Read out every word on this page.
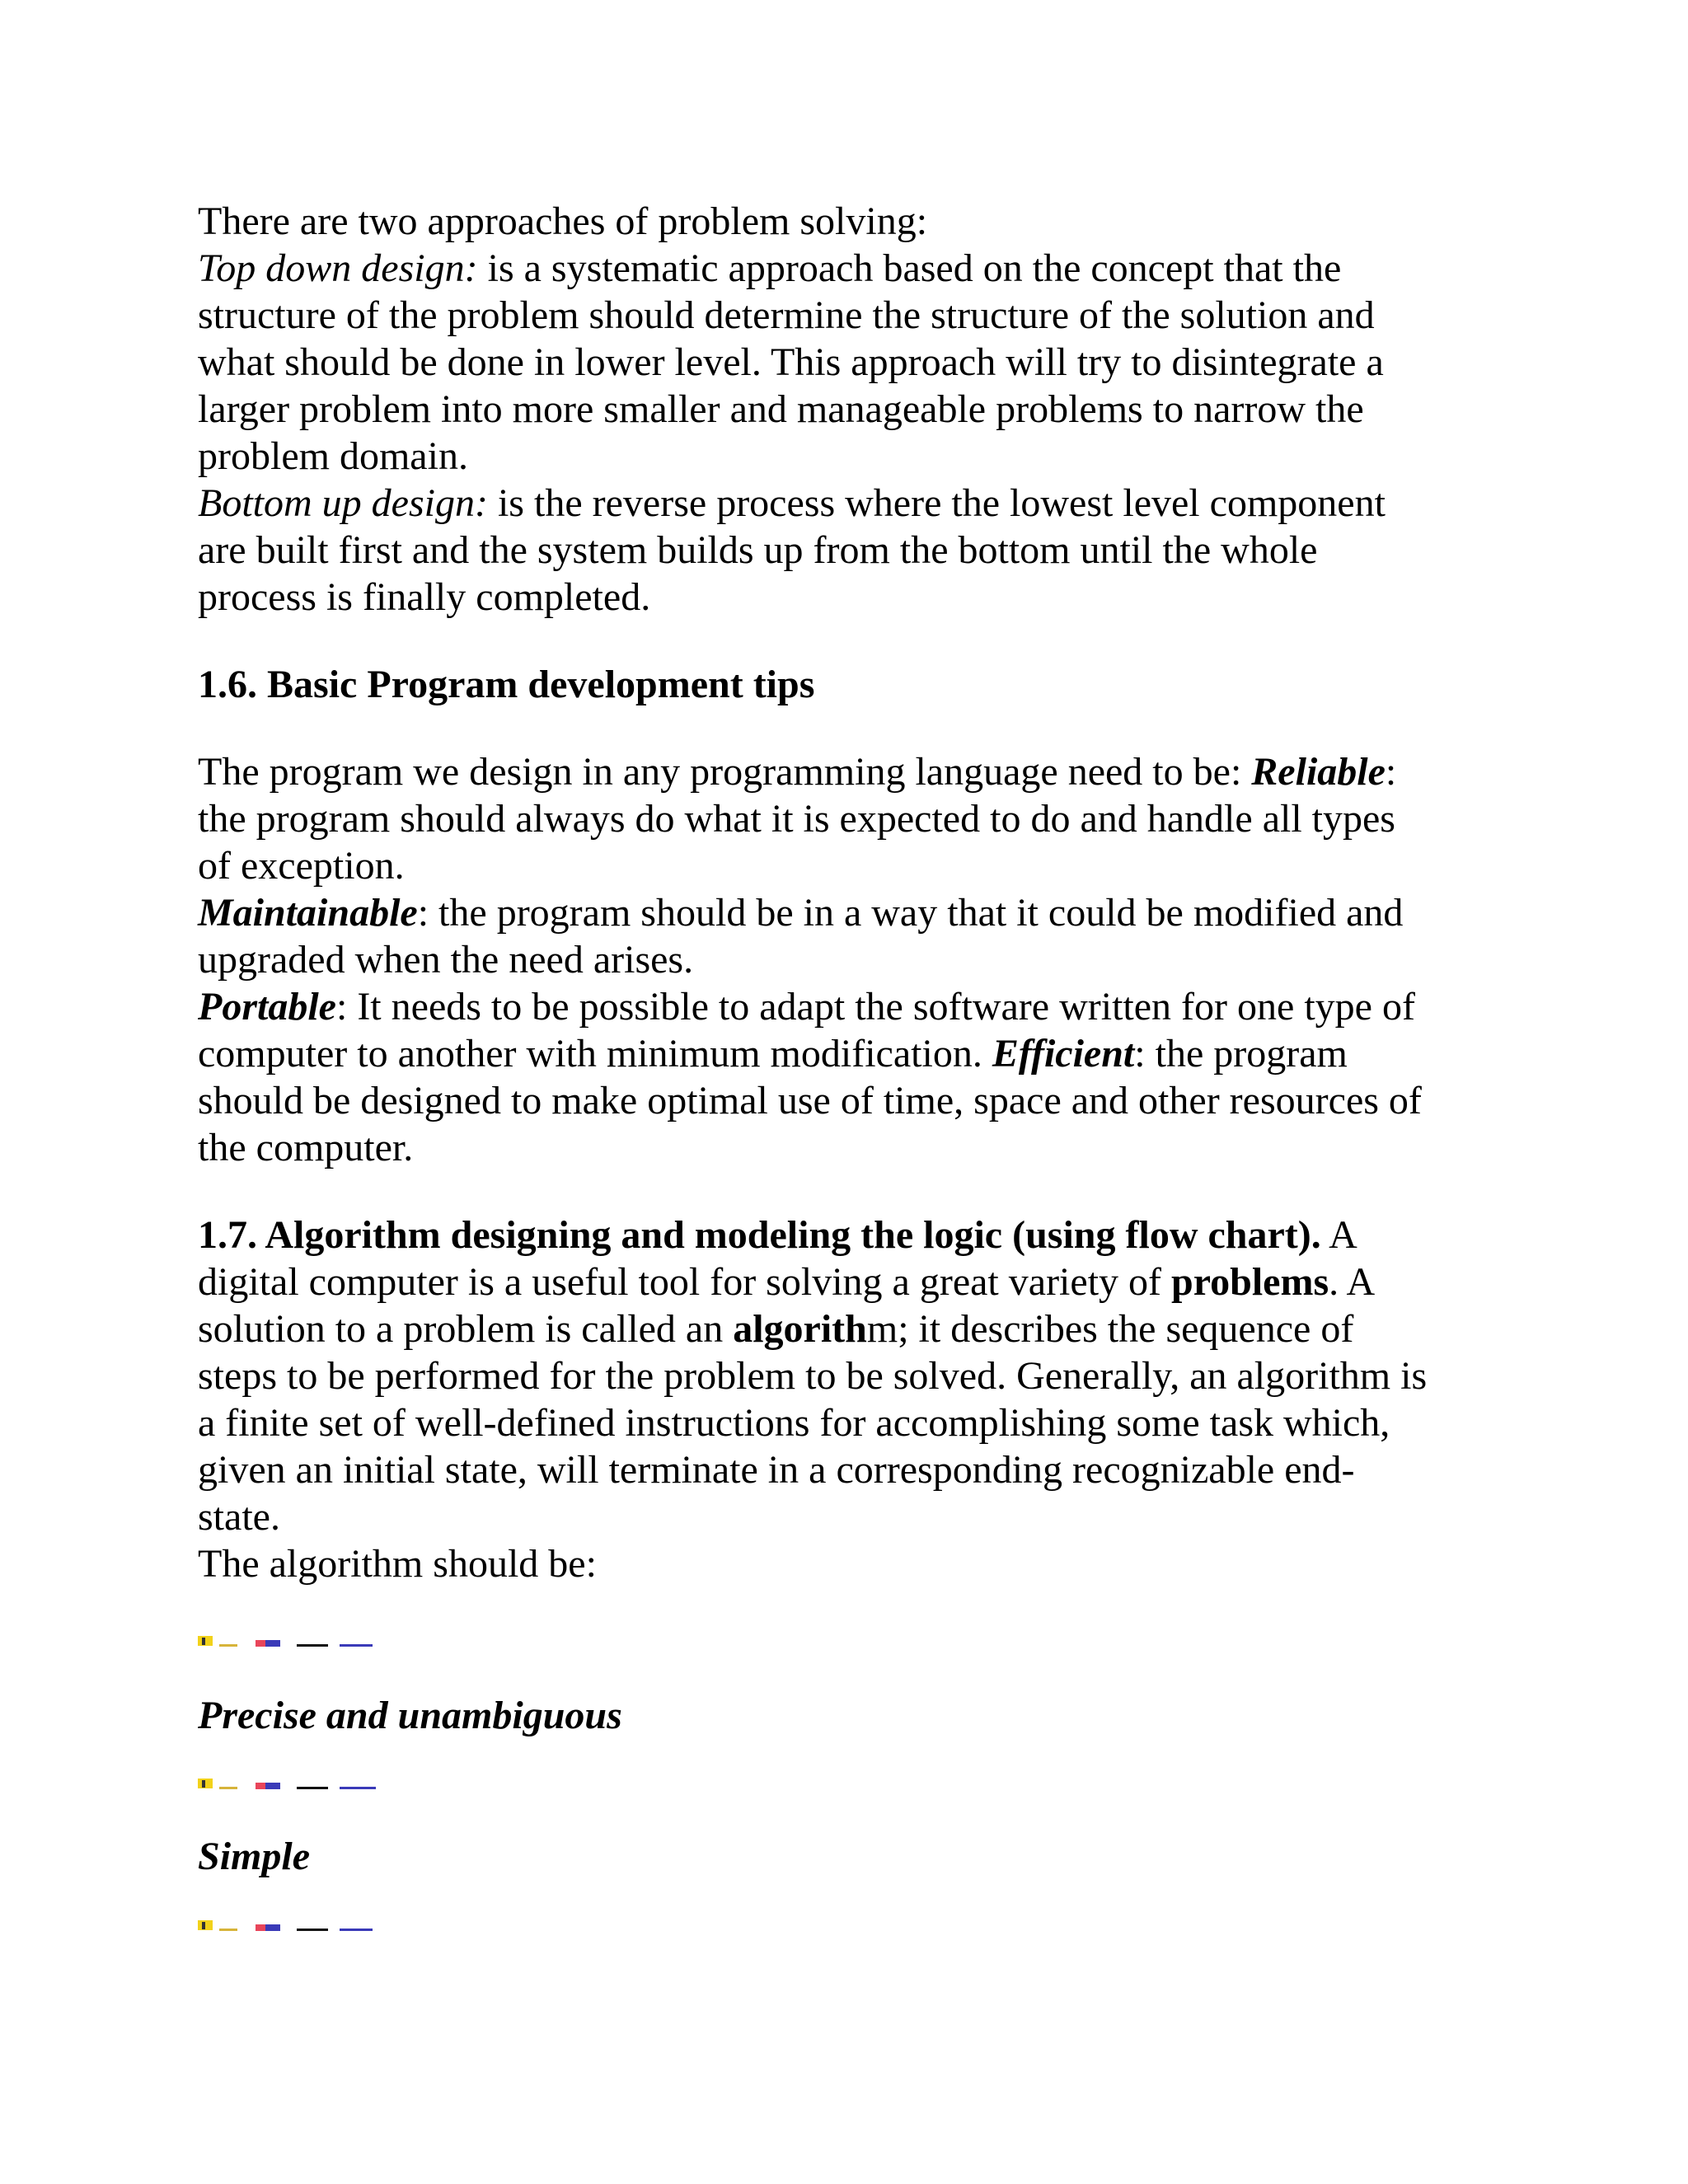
There are two approaches of problem solving:
Top down design: is a systematic approach based on the concept that the
structure of the problem should determine the structure of the solution and
what should be done in lower level. This approach will try to disintegrate a
larger problem into more smaller and manageable problems to narrow the
problem domain.
Bottom up design: is the reverse process where the lowest level component
are built first and the system builds up from the bottom until the whole
process is finally completed.
1.6. Basic Program development tips
The program we design in any programming language need to be: Reliable:
the program should always do what it is expected to do and handle all types
of exception.
Maintainable: the program should be in a way that it could be modified and
upgraded when the need arises.
Portable: It needs to be possible to adapt the software written for one type of
computer to another with minimum modification. Efficient: the program
should be designed to make optimal use of time, space and other resources of
the computer.
1.7. Algorithm designing and modeling the logic (using flow chart). A
digital computer is a useful tool for solving a great variety of problems. A
solution to a problem is called an algorithm; it describes the sequence of
steps to be performed for the problem to be solved. Generally, an algorithm is
a finite set of well-defined instructions for accomplishing some task which,
given an initial state, will terminate in a corresponding recognizable end-
state.
The algorithm should be:
Precise and unambiguous
Simple
